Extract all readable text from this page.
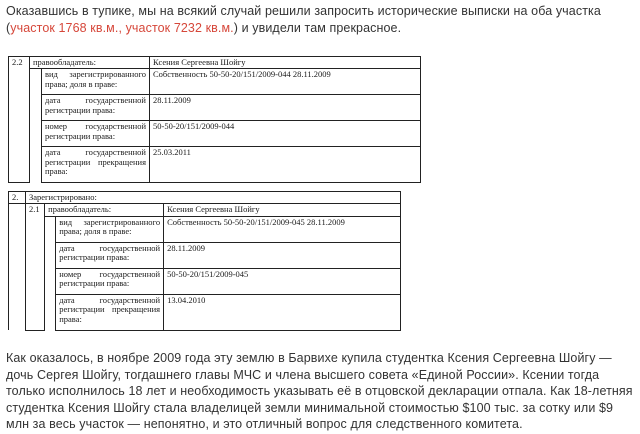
Оказавшись в тупике, мы на всякий случай решили запросить исторические выписки на оба участка (участок 1768 кв.м., участок 7232 кв.м.) и увидели там прекрасное.

2.2	правообладатель:		Ксения Сергеевна Шойгу
		вид зарегистрированного права; доля в праве:	Собственность 50-50-20/151/2009-044 28.11.2009
		дата государственной регистрации права:	28.11.2009
		номер государственной регистрации права:	50-50-20/151/2009-044
		дата государственной регистрации прекращения права:	25.03.2011
2.	Зарегистрировано:			
	2.1	правообладатель:		Ксения Сергеевна Шойгу
			вид зарегистрированного права; доля в праве:	Собственность 50-50-20/151/2009-045 28.11.2009
			дата государственной регистрации права:	28.11.2009
			номер государственной регистрации права:	50-50-20/151/2009-045
			дата государственной регистрации прекращения права:	13.04.2010

Как оказалось, в ноябре 2009 года эту землю в Барвихе купила студентка Ксения Сергеевна Шойгу — дочь Сергея Шойгу, тогдашнего главы МЧС и члена высшего совета «Единой России». Ксении тогда только исполнилось 18 лет и необходимость указывать её в отцовской декларации отпала. Как 18-летняя студентка Ксения Шойгу стала владелицей земли минимальной стоимостью $100 тыс. за сотку или $9 млн за весь участок — непонятно, и это отличный вопрос для следственного комитета.
